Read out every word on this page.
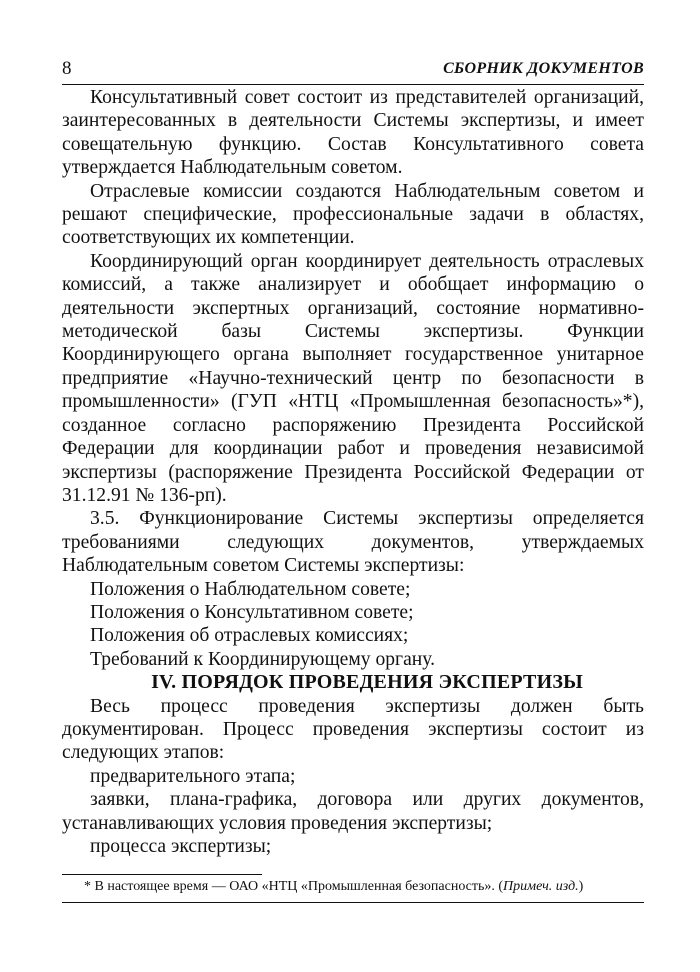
8	СБОРНИК ДОКУМЕНТОВ

Консультативный совет состоит из представителей организаций, заинтересованных в деятельности Системы экспертизы, и имеет совещательную функцию. Состав Консультативного совета утверждается Наблюдательным советом.

Отраслевые комиссии создаются Наблюдательным советом и решают специфические, профессиональные задачи в областях, соответствующих их компетенции.

Координирующий орган координирует деятельность отраслевых комиссий, а также анализирует и обобщает информацию о деятельности экспертных организаций, состояние нормативно-методической базы Системы экспертизы. Функции Координирующего органа выполняет государственное унитарное предприятие «Научно-технический центр по безопасности в промышленности» (ГУП «НТЦ «Промышленная безопасность»*), созданное согласно распоряжению Президента Российской Федерации для координации работ и проведения независимой экспертизы (распоряжение Президента Российской Федерации от 31.12.91 № 136-рп).

3.5. Функционирование Системы экспертизы определяется требованиями следующих документов, утверждаемых Наблюдательным советом Системы экспертизы:

Положения о Наблюдательном совете;

Положения о Консультативном совете;

Положения об отраслевых комиссиях;

Требований к Координирующему органу.

IV. ПОРЯДОК ПРОВЕДЕНИЯ ЭКСПЕРТИЗЫ

Весь процесс проведения экспертизы должен быть документирован. Процесс проведения экспертизы состоит из следующих этапов:

предварительного этапа;

заявки, плана-графика, договора или других документов, устанавливающих условия проведения экспертизы;

процесса экспертизы;

* В настоящее время — ОАО «НТЦ «Промышленная безопасность». (Примеч. изд.)
